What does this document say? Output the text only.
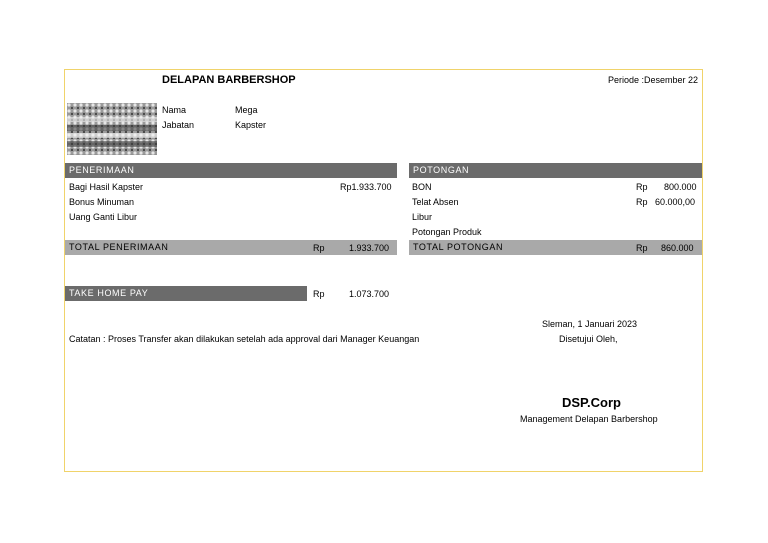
DELAPAN BARBERSHOP	Periode :Desember 22
Nama	Mega
Jabatan	Kapster
PENERIMAAN
Bagi Hasil Kapster	Rp1.933.700
Bonus Minuman
Uang Ganti Libur
TOTAL PENERIMAAN	Rp	1.933.700
POTONGAN
BON	Rp 800.000
Telat Absen	Rp 60.000,00
Libur
Potongan Produk
TOTAL POTONGAN	Rp 860.000
TAKE HOME PAY	Rp	1.073.700
Catatan : Proses Transfer akan dilakukan setelah ada approval dari Manager Keuangan
Sleman, 1 Januari 2023
Disetujui Oleh,
DSP.Corp
Management Delapan Barbershop
